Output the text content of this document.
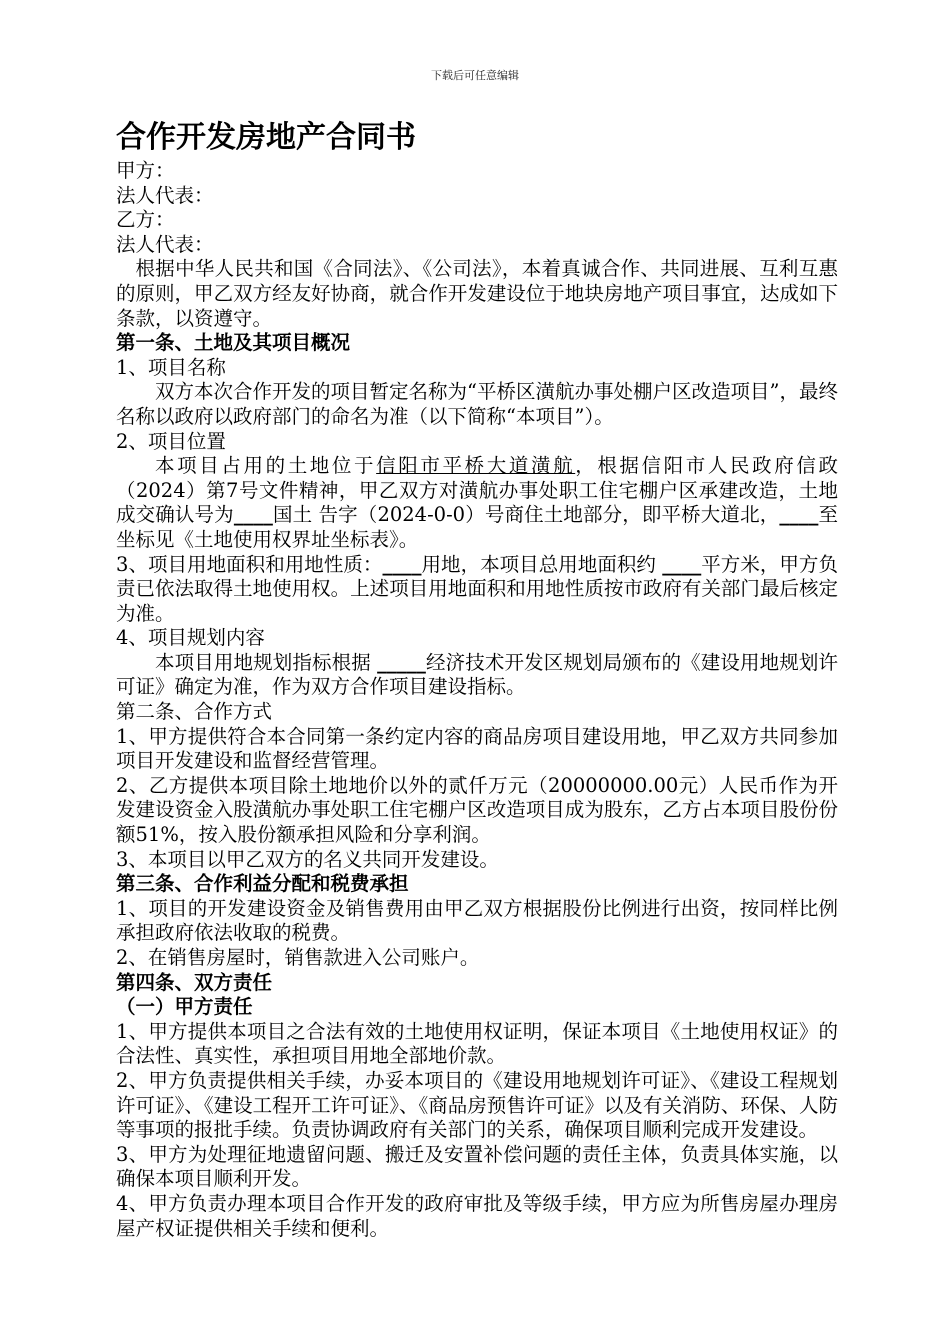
下载后可任意编辑
合作开发房地产合同书

甲方：

法人代表：

乙方：

法人代表：

根据中华人民共和国《合同法》、《公司法》，本着真诚合作、共同进展、互利互惠的原则，甲乙双方经友好协商，就合作开发建设位于地块房地产项目事宜，达成如下条款，以资遵守。

第一条、土地及其项目概况

1、项目名称

双方本次合作开发的项目暂定名称为“平桥区潢航办事处棚户区改造项目”，最终名称以政府以政府部门的命名为准（以下简称“本项目”）。

2、项目位置

本项目占用的土地位于信阳市平桥大道潢航，根据信阳市人民政府信政（2024）第7号文件精神，甲乙双方对潢航办事处职工住宅棚户区承建改造，土地成交确认号为____国土 告字（2024-0-0）号商住土地部分，即平桥大道北，____至坐标见《土地使用权界址坐标表》。

3、项目用地面积和用地性质：____用地，本项目总用地面积约 ____平方米，甲方负责已依法取得土地使用权。上述项目用地面积和用地性质按市政府有关部门最后核定为准。

4、项目规划内容

本项目用地规划指标根据 _____经济技术开发区规划局颁布的《建设用地规划许可证》确定为准，作为双方合作项目建设指标。

第二条、合作方式

1、甲方提供符合本合同第一条约定内容的商品房项目建设用地，甲乙双方共同参加项目开发建设和监督经营管理。

2、乙方提供本项目除土地地价以外的贰仟万元（20000000.00元）人民币作为开发建设资金入股潢航办事处职工住宅棚户区改造项目成为股东，乙方占本项目股份份额51%，按入股份额承担风险和分享利润。

3、本项目以甲乙双方的名义共同开发建设。

第三条、合作利益分配和税费承担

1、项目的开发建设资金及销售费用由甲乙双方根据股份比例进行出资，按同样比例承担政府依法收取的税费。

2、在销售房屋时，销售款进入公司账户。

第四条、双方责任

（一）甲方责任

1、甲方提供本项目之合法有效的土地使用权证明，保证本项目《土地使用权证》的合法性、真实性，承担项目用地全部地价款。

2、甲方负责提供相关手续，办妥本项目的《建设用地规划许可证》、《建设工程规划许可证》、《建设工程开工许可证》、《商品房预售许可证》以及有关消防、环保、人防等事项的报批手续。负责协调政府有关部门的关系，确保项目顺利完成开发建设。

3、甲方为处理征地遗留问题、搬迁及安置补偿问题的责任主体，负责具体实施，以确保本项目顺利开发。

4、甲方负责办理本项目合作开发的政府审批及等级手续，甲方应为所售房屋办理房屋产权证提供相关手续和便利。
